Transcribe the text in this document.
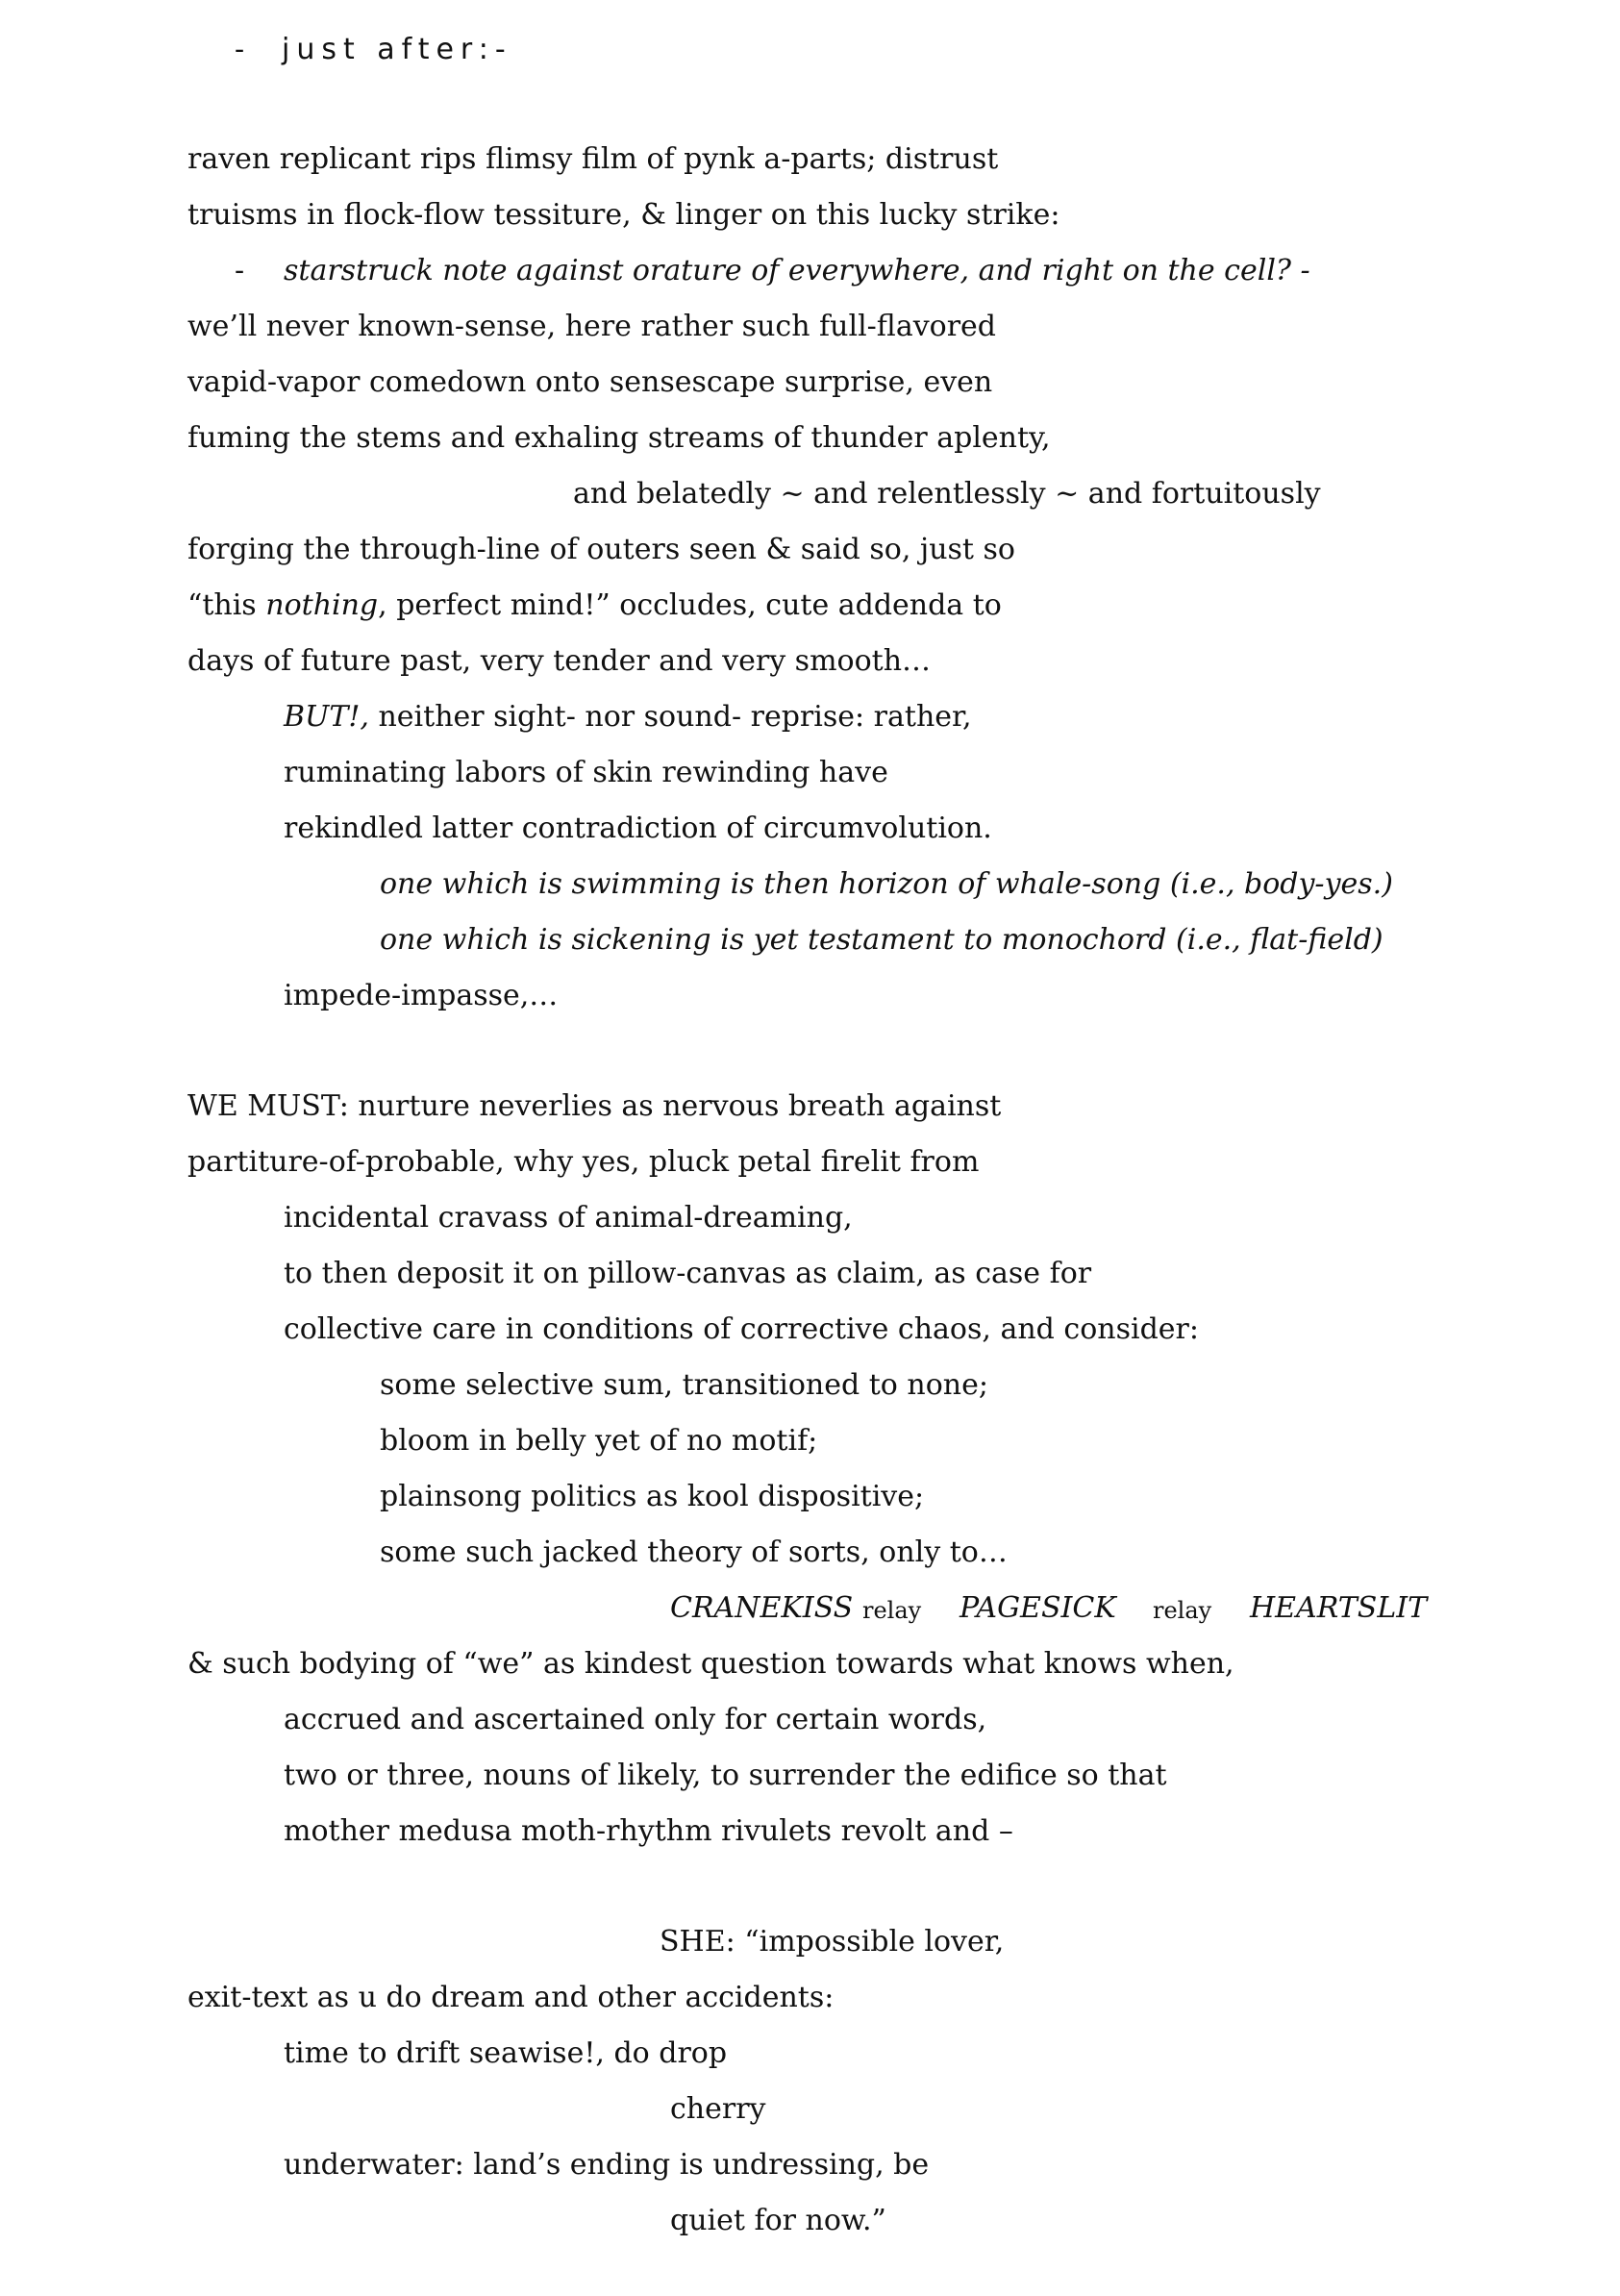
- just after:-
raven replicant rips flimsy film of pynk a-parts; distrust
truisms in flock-flow tessiture, & linger on this lucky strike:
- starstruck note against orature of everywhere, and right on the cell? -
we’ll never known-sense, here rather such full-flavored
vapid-vapor comedown onto sensescape surprise, even
fuming the stems and exhaling streams of thunder aplenty,
and belatedly ~ and relentlessly ~ and fortuitously
forging the through-line of outers seen & said so, just so
“this nothing, perfect mind!” occludes, cute addenda to
days of future past, very tender and very smooth…
BUT!, neither sight- nor sound- reprise: rather,
ruminating labors of skin rewinding have
rekindled latter contradiction of circumvolution.
one which is swimming is then horizon of whale-song (i.e., body-yes.)
one which is sickening is yet testament to monochord (i.e., flat-field)
impede-impasse,…
WE MUST: nurture neverlies as nervous breath against
partiture-of-probable, why yes, pluck petal firelit from
incidental cravass of animal-dreaming,
to then deposit it on pillow-canvas as claim, as case for
collective care in conditions of corrective chaos, and consider:
some selective sum, transitioned to none;
bloom in belly yet of no motif;
plainsong politics as kool dispositive;
some such jacked theory of sorts, only to…
CRANEKISS relay PAGESICK relay HEARTSLIT
& such bodying of “we” as kindest question towards what knows when,
accrued and ascertained only for certain words,
two or three, nouns of likely, to surrender the edifice so that
mother medusa moth-rhythm rivulets revolt and –
SHE: “impossible lover,
exit-text as u do dream and other accidents:
time to drift seawise!, do drop
cherry
underwater: land’s ending is undressing, be
quiet for now.”
